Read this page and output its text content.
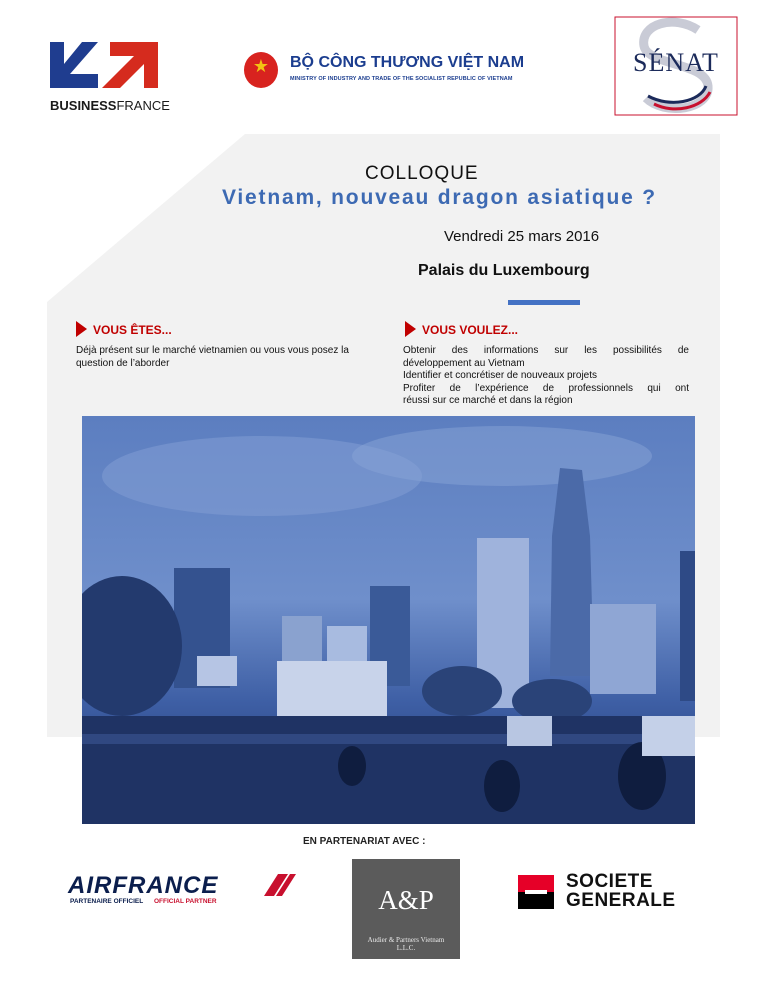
BUSINESSFRANCE
★	BỘ CÔNG THƯƠNG VIỆT NAM
MINISTRY OF INDUSTRY AND TRADE OF THE SOCIALIST REPUBLIC OF VIETNAM
SÉNAT
COLLOQUE
Vietnam, nouveau dragon asiatique ?
Vendredi 25 mars 2016
Palais du Luxembourg
VOUS ÊTES...
Déjà présent sur le marché vietnamien ou vous vous posez la question de l’aborder
VOUS VOULEZ...

Obtenir des informations sur les possibilités de

développement au Vietnam

Identifier et concrétiser de nouveaux projets

Profiter de l’expérience de professionnels qui ont

réussi sur ce marché et dans la région

EN PARTENARIAT AVEC :
AIRFRANCE
PARTENAIRE OFFICIEL OFFICIAL PARTNER	A&P
Audier & Partners Vietnam
L.L.C.
SOCIETE
GENERALE
